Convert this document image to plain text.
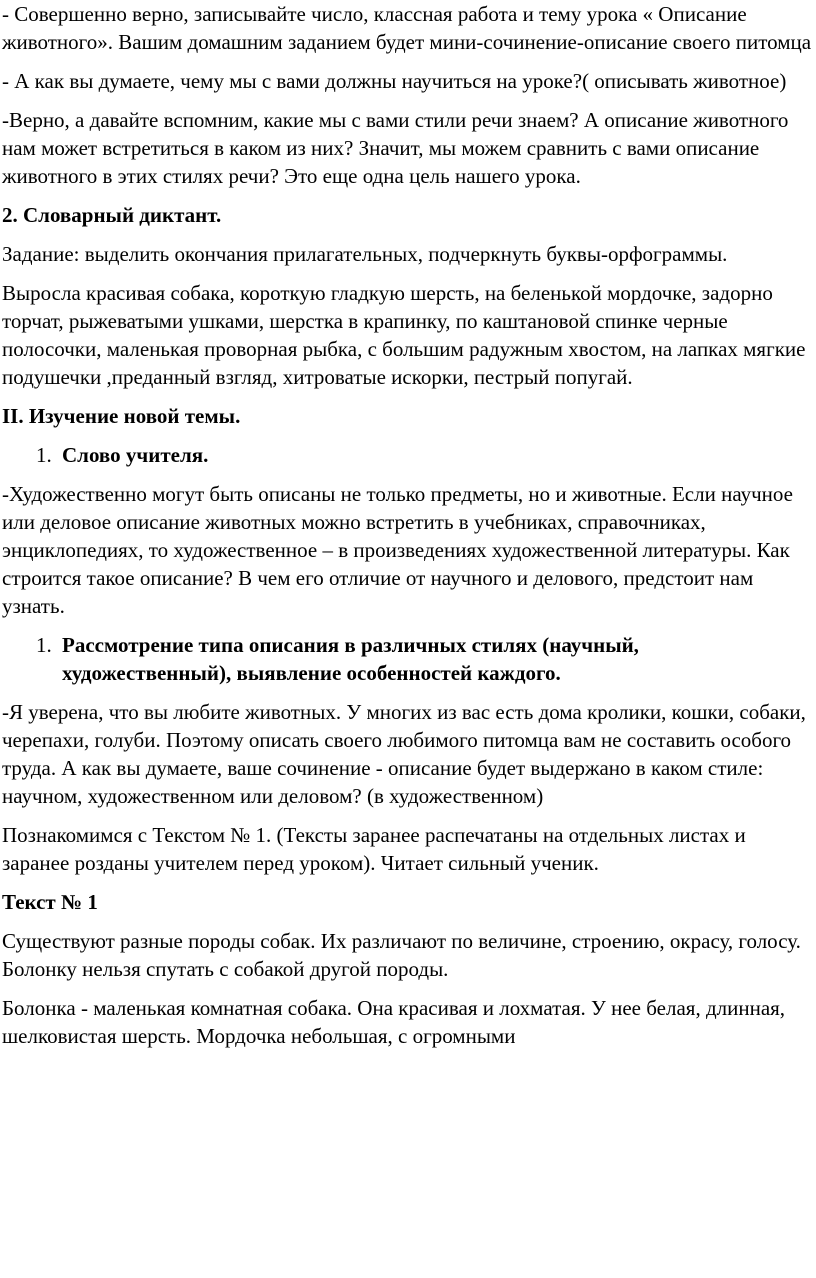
- Совершенно верно, записывайте число, классная работа и тему урока « Описание животного». Вашим домашним заданием будет мини-сочинение-описание своего питомца

- А как вы думаете, чему мы с вами должны научиться на уроке?( описывать животное)

-Верно, а давайте вспомним, какие мы с вами стили речи знаем? А описание животного нам может встретиться в каком из них? Значит, мы можем сравнить с вами описание животного в этих стилях речи? Это еще одна цель нашего урока.

2. Словарный диктант.

Задание: выделить окончания прилагательных, подчеркнуть буквы-орфограммы.

Выросла красивая собака, короткую гладкую шерсть, на беленькой мордочке, задорно торчат, рыжеватыми ушками, шерстка в крапинку, по каштановой спинке черные полосочки, маленькая проворная рыбка, с большим радужным хвостом, на лапках мягкие подушечки ,преданный взгляд, хитроватые искорки, пестрый попугай.

II. Изучение новой темы.

1. Слово учителя.

-Художественно могут быть описаны не только предметы, но и животные. Если научное или деловое описание животных можно встретить в учебниках, справочниках, энциклопедиях, то художественное – в произведениях художественной литературы. Как строится такое описание? В чем его отличие от научного и делового, предстоит нам узнать.

1. Рассмотрение типа описания в различных стилях (научный, художественный), выявление особенностей каждого.

-Я уверена, что вы любите животных. У многих из вас есть дома кролики, кошки, собаки, черепахи, голуби. Поэтому описать своего любимого питомца вам не составить особого труда. А как вы думаете, ваше сочинение - описание будет выдержано в каком стиле: научном, художественном или деловом? (в художественном)

Познакомимся с Текстом № 1. (Тексты заранее распечатаны на отдельных листах и заранее розданы учителем перед уроком). Читает сильный ученик.

Текст № 1

Существуют разные породы собак. Их различают по величине, строению, окрасу, голосу. Болонку нельзя спутать с собакой другой породы.

Болонка - маленькая комнатная собака. Она красивая и лохматая. У нее белая, длинная, шелковистая шерсть. Мордочка небольшая, с огромными
